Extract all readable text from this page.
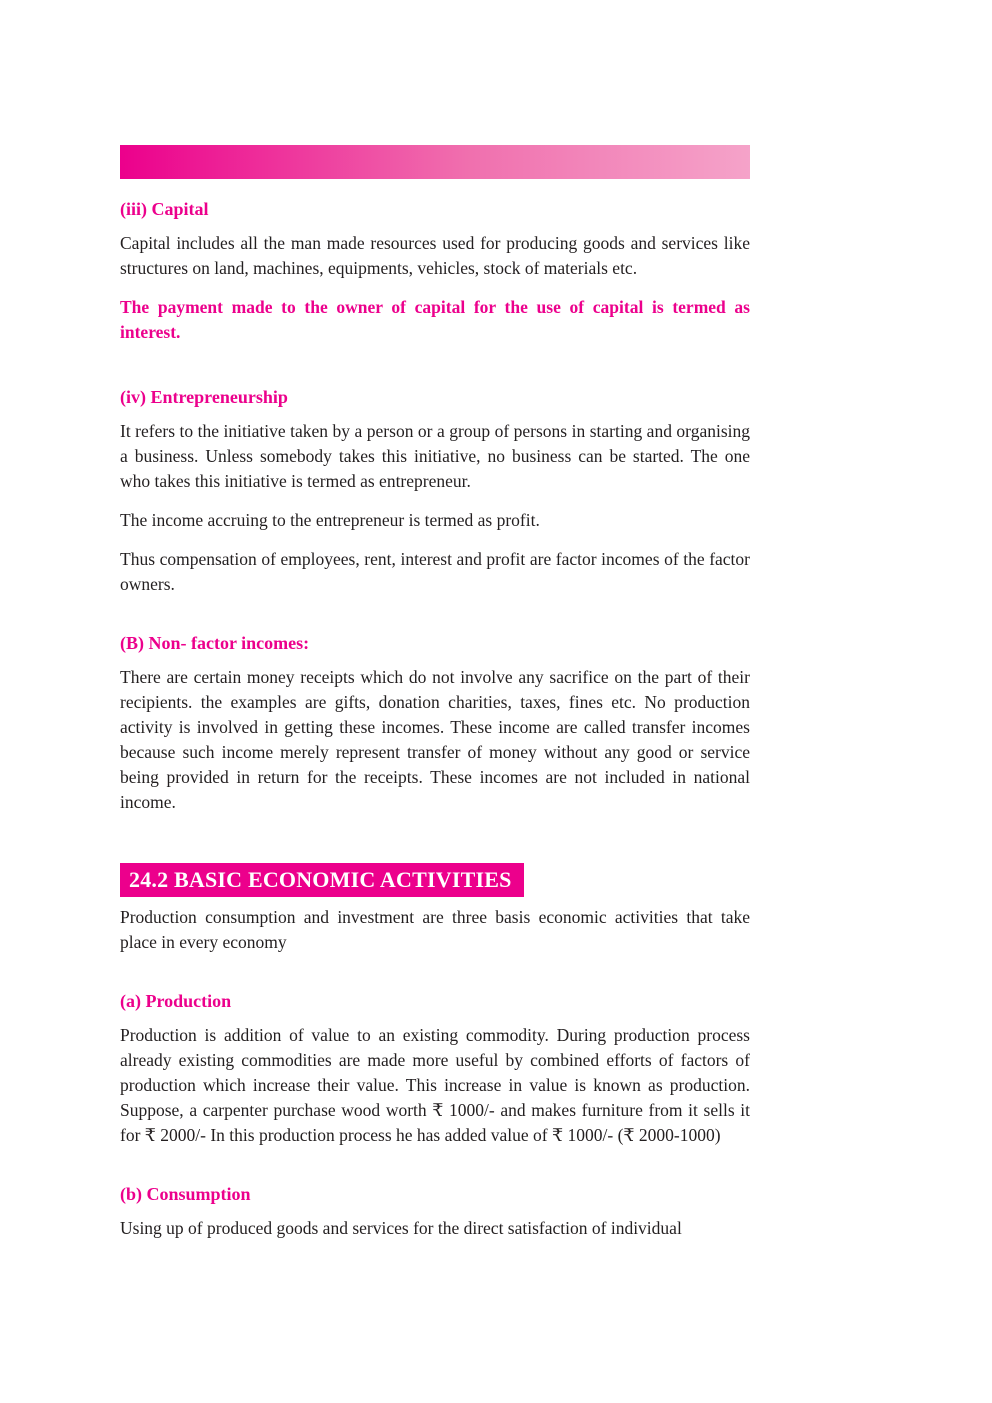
(iii) Capital

Capital includes all the man made resources used for producing goods and services like structures on land, machines, equipments, vehicles, stock of materials etc.

The payment made to the owner of capital for the use of capital is termed as interest.

(iv) Entrepreneurship

It refers to the initiative taken by a person or a group of persons in starting and organising a business. Unless somebody takes this initiative, no business can be started. The one who takes this initiative is termed as entrepreneur.

The income accruing to the entrepreneur is termed as profit.

Thus compensation of employees, rent, interest and profit are factor incomes of the factor owners.

(B) Non- factor incomes:

There are certain money receipts which do not involve any sacrifice on the part of their recipients. the examples are gifts, donation charities, taxes, fines etc. No production activity is involved in getting these incomes. These income are called transfer incomes because such income merely represent transfer of money without any good or service being provided in return for the receipts. These incomes are not included in national income.

24.2 BASIC ECONOMIC ACTIVITIES

Production consumption and investment are three basis economic activities that take place in every economy

(a) Production

Production is addition of value to an existing commodity. During production process already existing commodities are made more useful by combined efforts of factors of production which increase their value. This increase in value is known as production. Suppose, a carpenter purchase wood worth ₹ 1000/- and makes furniture from it sells it for ₹ 2000/- In this production process he has added value of ₹ 1000/- (₹ 2000-1000)

(b) Consumption

Using up of produced goods and services for the direct satisfaction of individual
